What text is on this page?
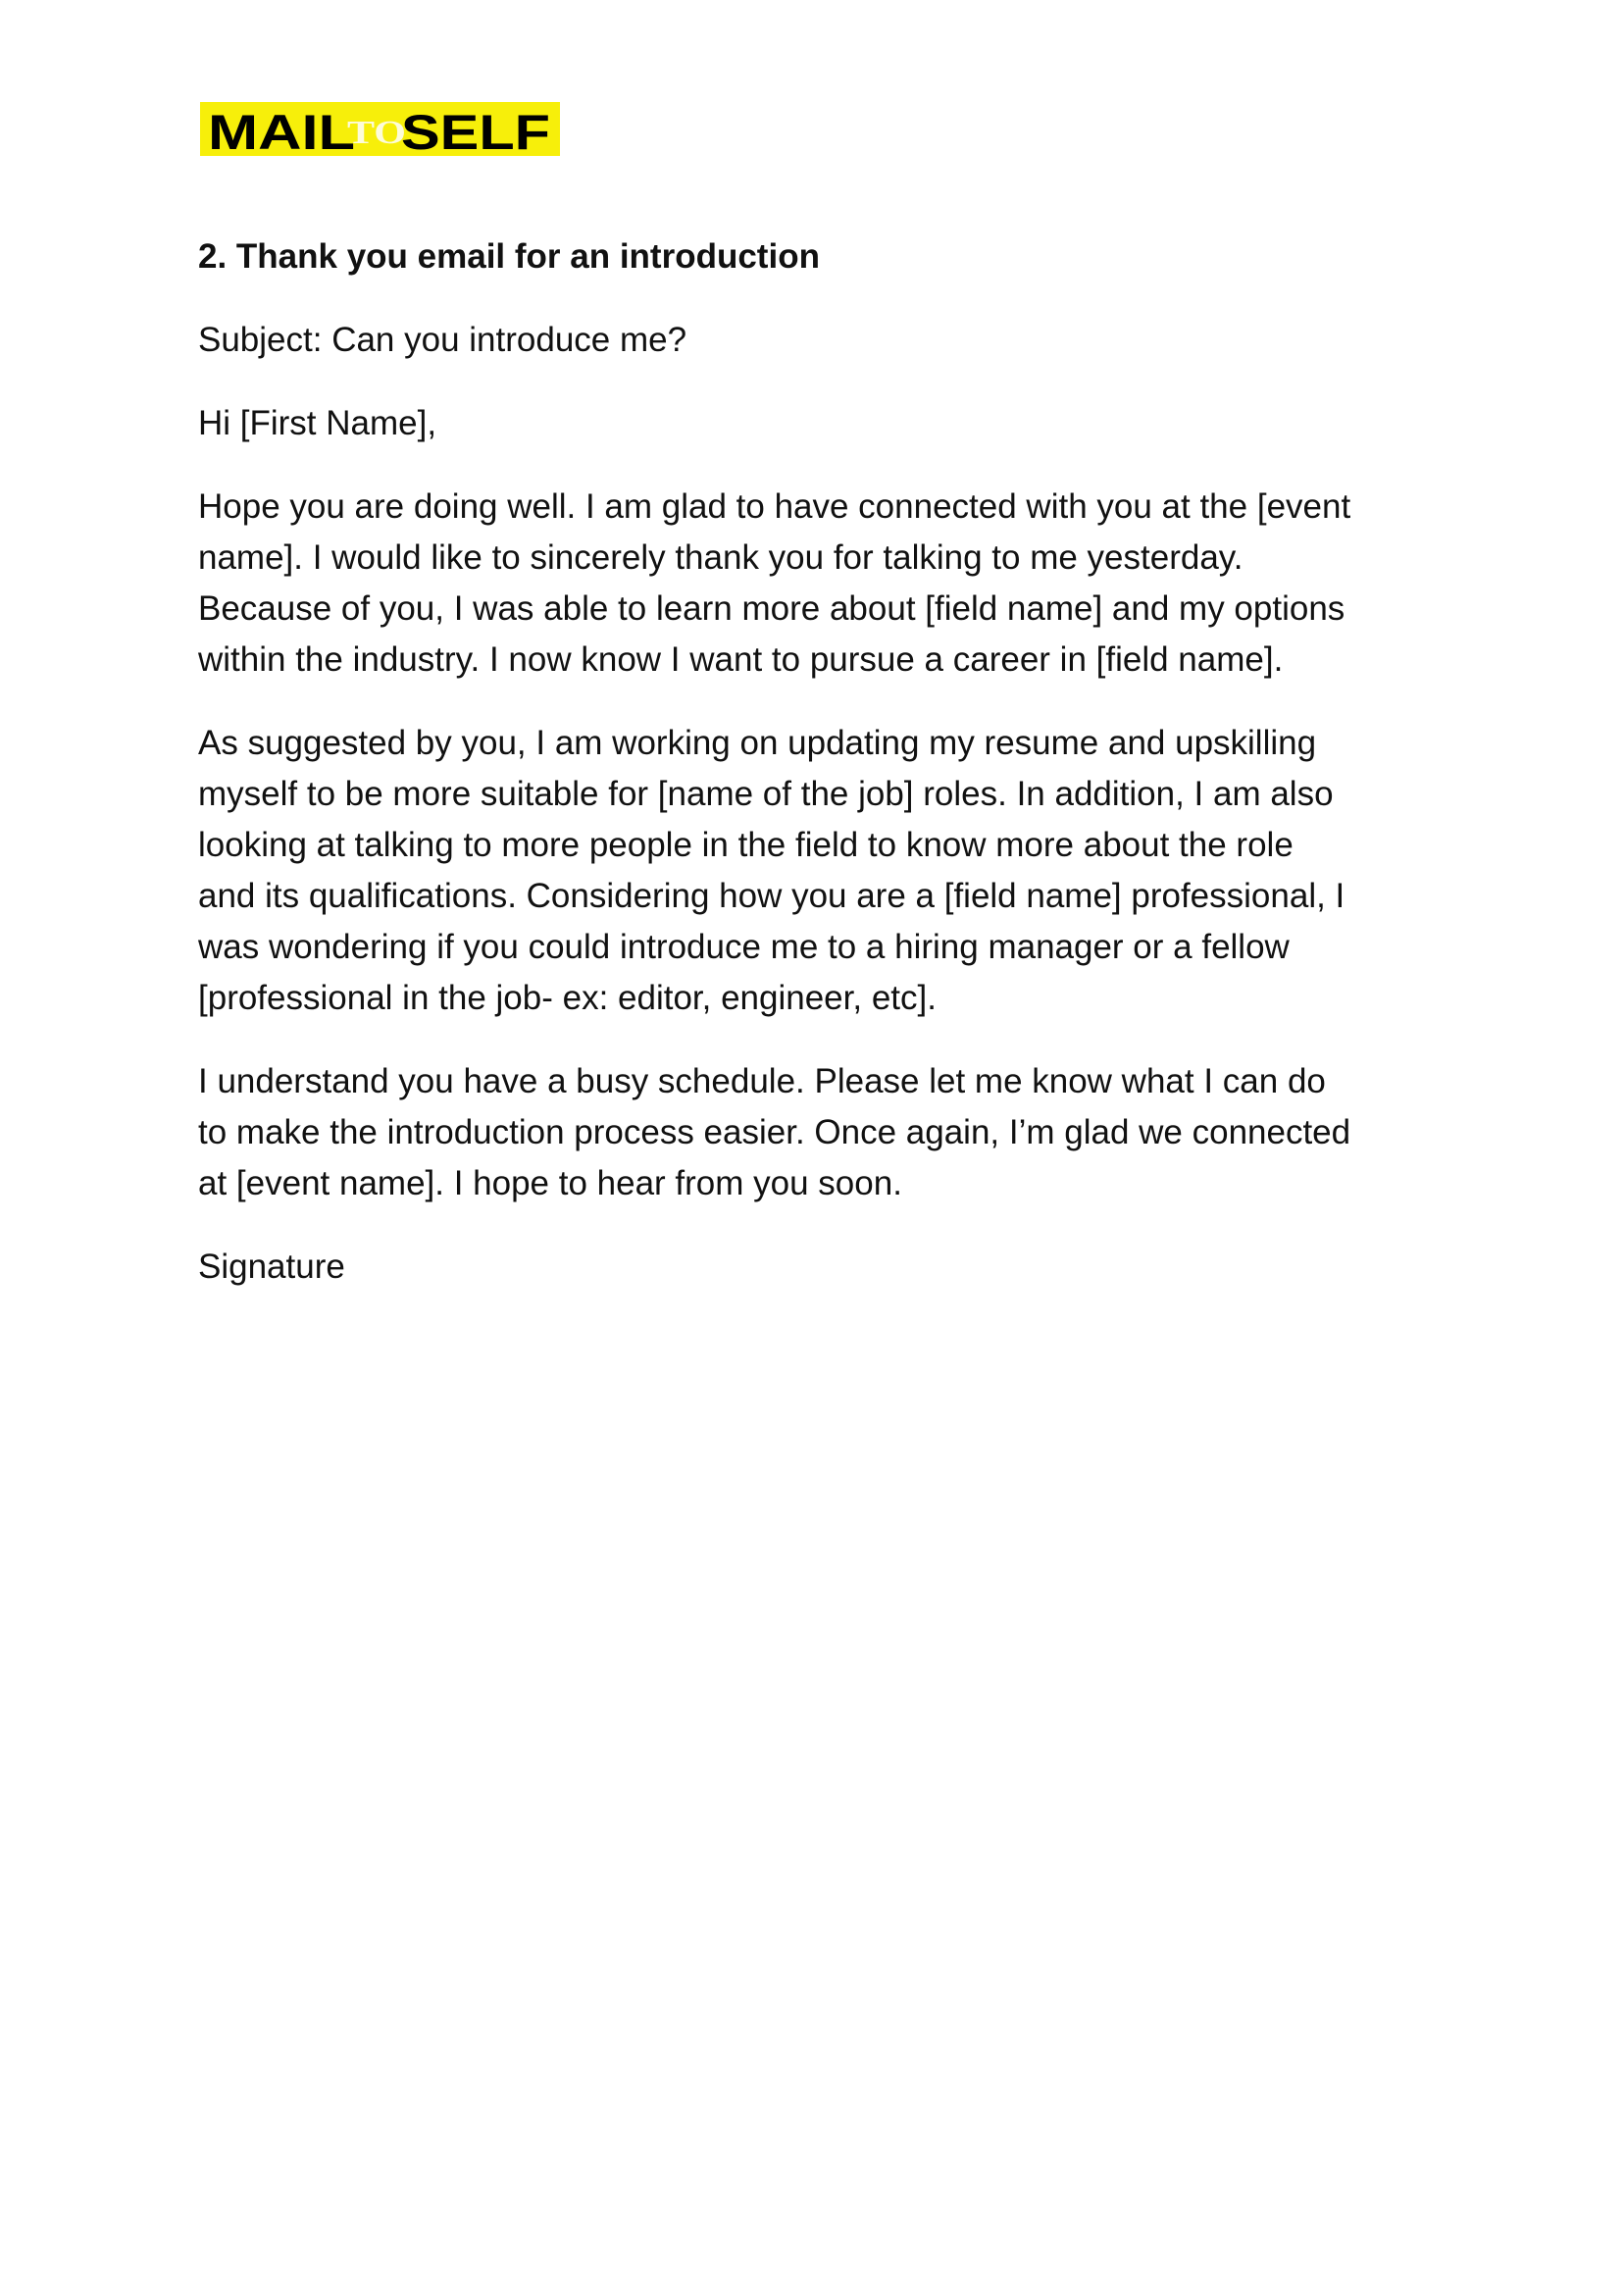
MAIL
TO
SELF

2. Thank you email for an introduction

Subject: Can you introduce me?

Hi [First Name],

Hope you are doing well. I am glad to have connected with you at the [event
name]. I would like to sincerely thank you for talking to me yesterday.
Because of you, I was able to learn more about [field name] and my options
within the industry. I now know I want to pursue a career in [field name].

As suggested by you, I am working on updating my resume and upskilling
myself to be more suitable for [name of the job] roles. In addition, I am also
looking at talking to more people in the field to know more about the role
and its qualifications. Considering how you are a [field name] professional, I
was wondering if you could introduce me to a hiring manager or a fellow
[professional in the job- ex: editor, engineer, etc].

I understand you have a busy schedule. Please let me know what I can do
to make the introduction process easier. Once again, I’m glad we connected
at [event name]. I hope to hear from you soon.

Signature
